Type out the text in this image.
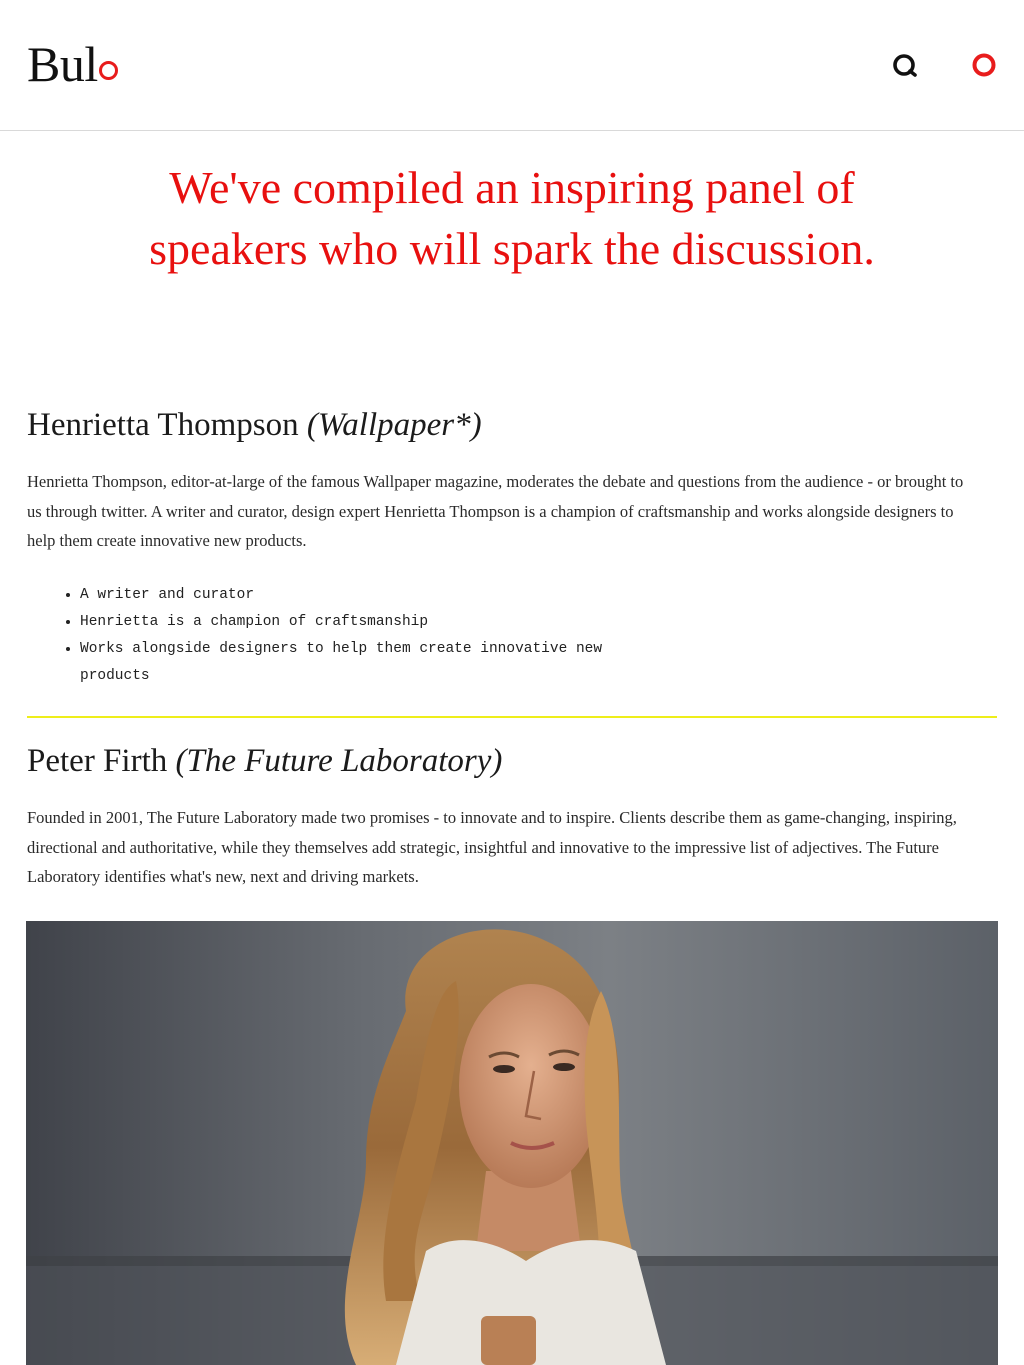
Bul
We've compiled an inspiring panel of speakers who will spark the discussion.
Henrietta Thompson (Wallpaper*)

Henrietta Thompson, editor-at-large of the famous Wallpaper magazine, moderates the debate and questions from the audience - or brought to us through twitter. A writer and curator, design expert Henrietta Thompson is a champion of craftsmanship and works alongside designers to help them create innovative new products.

• A writer and curator
• Henrietta is a champion of craftsmanship
• Works alongside designers to help them create innovative new products
Peter Firth (The Future Laboratory)

Founded in 2001, The Future Laboratory made two promises - to innovate and to inspire. Clients describe them as game-changing, inspiring, directional and authoritative, while they themselves add strategic, insightful and innovative to the impressive list of adjectives. The Future Laboratory identifies what's new, next and driving markets.
